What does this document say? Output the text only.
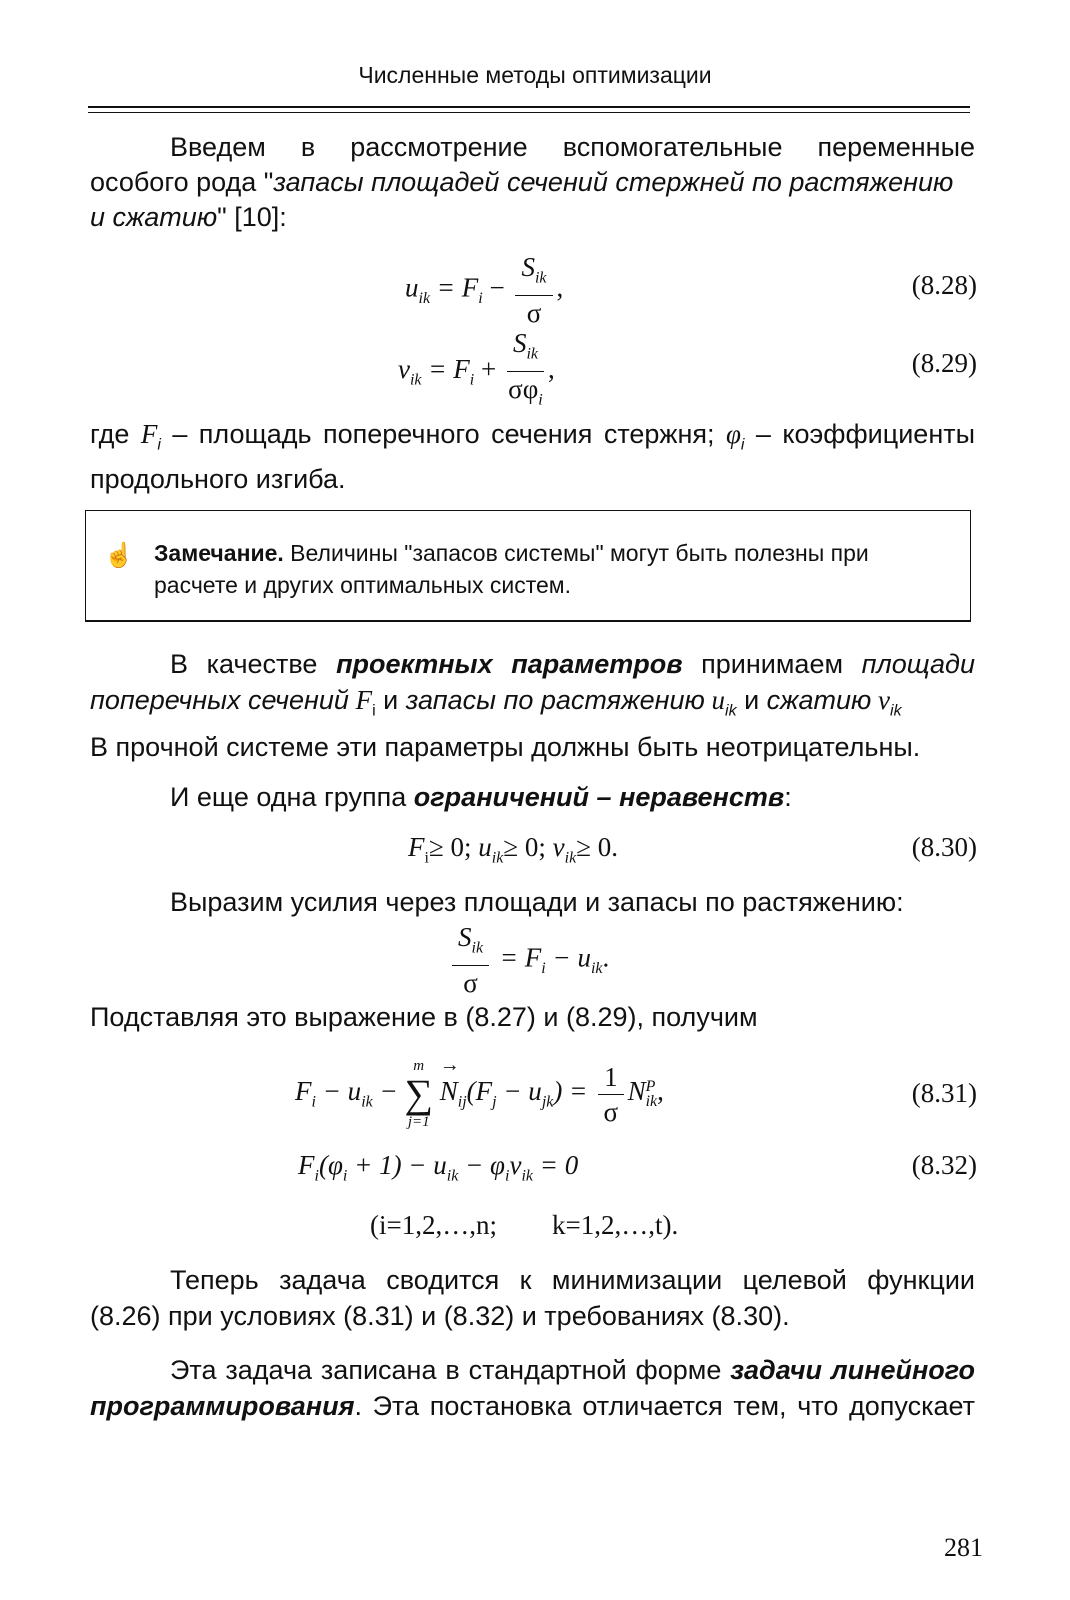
Численные методы оптимизации
Введем в рассмотрение вспомогательные переменные
особого рода "запасы площадей сечений стержней по растяжению
и сжатию" [10]:
$u_{ik} = F_i - \frac{S_{ik}}{\sigma}$ ,	(8.28)
$v_{ik} = F_i + \frac{S_{ik}}{\sigma\varphi_i}$ ,	(8.29)
где $F_i$ – площадь поперечного сечения стержня; $\varphi_i$ – коэффициенты
продольного изгиба.
☝ Замечание. Величины "запасов системы" могут быть полезны при
расчете и других оптимальных систем.
В качестве проектных параметров принимаем площади
поперечных сечений $F_i$ и запасы по растяжению $u_{ik}$ и сжатию $v_{ik}$
В прочной системе эти параметры должны быть неотрицательны.
И еще одна группа ограничений – неравенств:
$F_i\ge 0$; $u_{ik}\ge 0$; $v_{ik}\ge 0$.	(8.30)
Выразим усилия через площади и запасы по растяжению:
$\frac{S_{ik}}{\sigma} = F_i - u_{ik}$.
Подставляя это выражение в (8.27) и (8.29), получим
$F_i - u_{ik}$ −
m
∑
j=1
→ $N_{ij}(F_j - u_{jk}) = \frac{1}{\sigma}$ N P
ik ,	(8.31)
$F_i(\varphi_i + 1) - u_{ik} - \varphi_iv_{ik} = 0$	(8.32)
(i=1,2,…,n; k=1,2,…,t).
Теперь задача сводится к минимизации целевой функции
(8.26) при условиях (8.31) и (8.32) и требованиях (8.30).
Эта задача записана в стандартной форме задачи линейного
программирования. Эта постановка отличается тем, что допускает
281
